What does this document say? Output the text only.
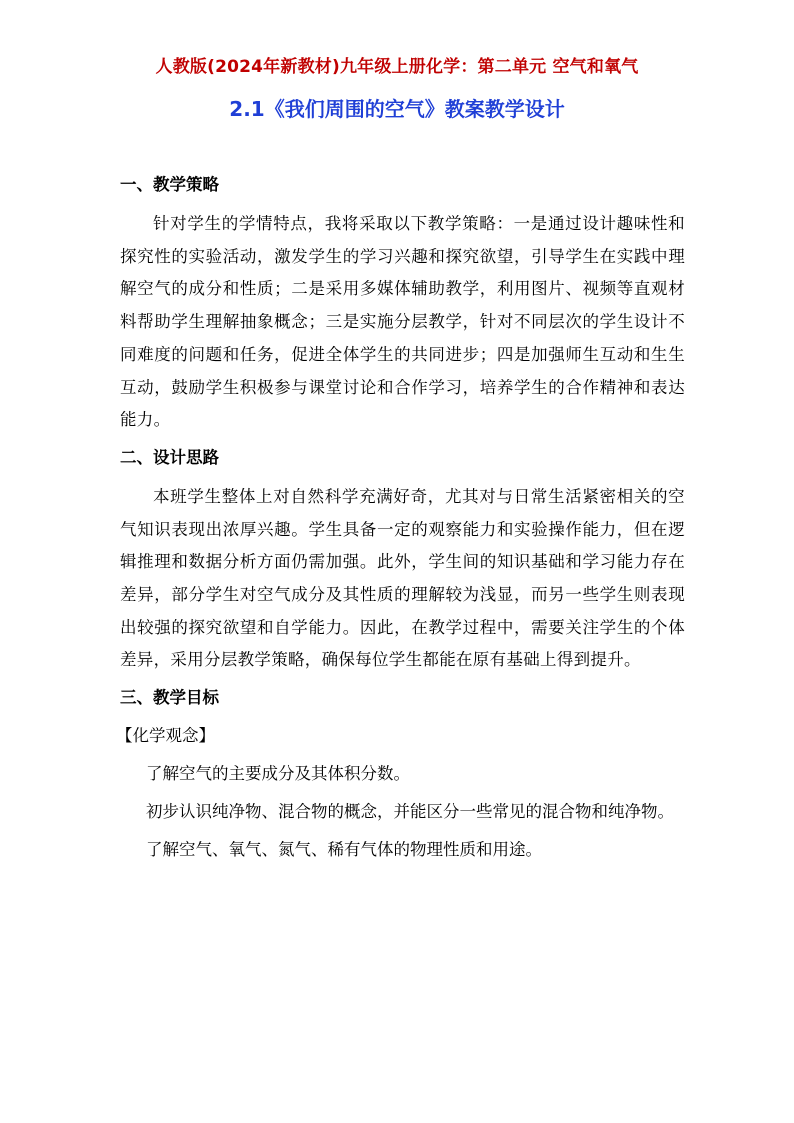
人教版(2024年新教材)九年级上册化学：第二单元 空气和氧气
2.1《我们周围的空气》教案教学设计

一、教学策略

针对学生的学情特点，我将采取以下教学策略：一是通过设计趣味性和探究性的实验活动，激发学生的学习兴趣和探究欲望，引导学生在实践中理解空气的成分和性质；二是采用多媒体辅助教学，利用图片、视频等直观材料帮助学生理解抽象概念；三是实施分层教学，针对不同层次的学生设计不同难度的问题和任务，促进全体学生的共同进步；四是加强师生互动和生生互动，鼓励学生积极参与课堂讨论和合作学习，培养学生的合作精神和表达能力。

二、设计思路

本班学生整体上对自然科学充满好奇，尤其对与日常生活紧密相关的空气知识表现出浓厚兴趣。学生具备一定的观察能力和实验操作能力，但在逻辑推理和数据分析方面仍需加强。此外，学生间的知识基础和学习能力存在差异，部分学生对空气成分及其性质的理解较为浅显，而另一些学生则表现出较强的探究欲望和自学能力。因此，在教学过程中，需要关注学生的个体差异，采用分层教学策略，确保每位学生都能在原有基础上得到提升。

三、教学目标

【化学观念】

了解空气的主要成分及其体积分数。

初步认识纯净物、混合物的概念，并能区分一些常见的混合物和纯净物。

了解空气、氧气、氮气、稀有气体的物理性质和用途。
